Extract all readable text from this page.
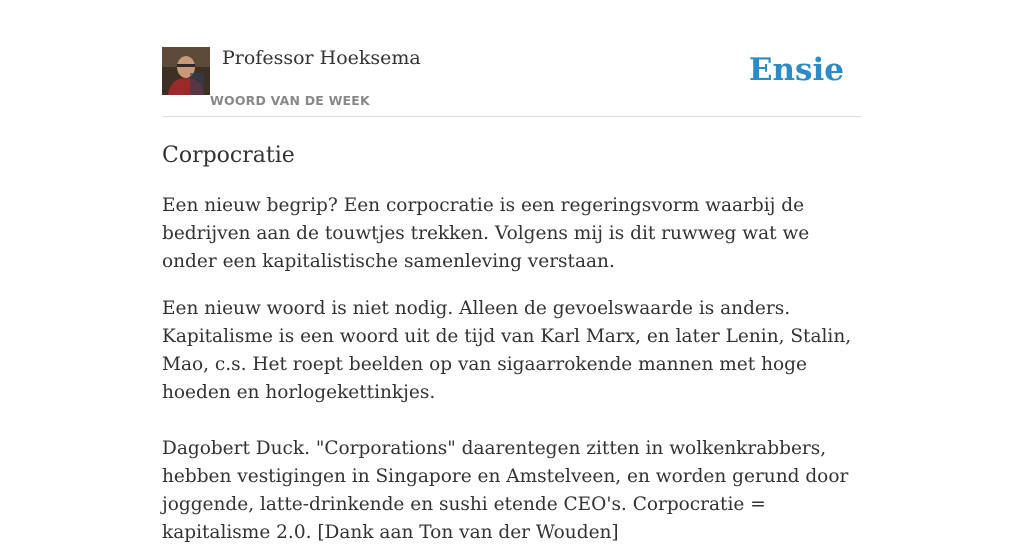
Professor Hoeksema
WOORD VAN DE WEEK
Ensie
Corpocratie

Een nieuw begrip? Een corpocratie is een regeringsvorm waarbij de bedrijven aan de touwtjes trekken. Volgens mij is dit ruwweg wat we onder een kapitalistische samenleving verstaan.

Een nieuw woord is niet nodig. Alleen de gevoelswaarde is anders. Kapitalisme is een woord uit de tijd van Karl Marx, en later Lenin, Stalin, Mao, c.s. Het roept beelden op van sigaarrokende mannen met hoge hoeden en horlogekettinkjes.

Dagobert Duck. "Corporations" daarentegen zitten in wolkenkrabbers, hebben vestigingen in Singapore en Amstelveen, en worden gerund door joggende, latte-drinkende en sushi etende CEO's. Corpocratie = kapitalisme 2.0. [Dank aan Ton van der Wouden]
